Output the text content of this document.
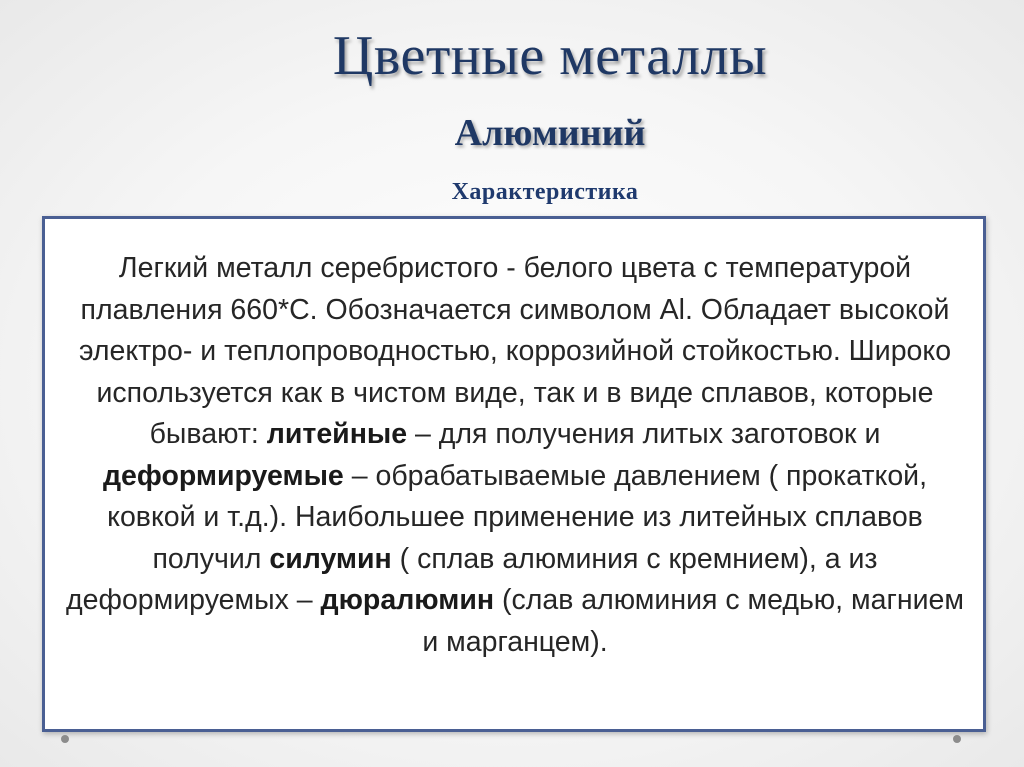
Цветные металлы
Алюминий
Характеристика
Легкий металл серебристого - белого цвета с температурой плавления 660*С. Обозначается символом Al. Обладает высокой электро- и теплопроводностью, коррозийной стойкостью. Широко используется как в чистом виде, так и в виде сплавов, которые бывают: литейные – для получения литых заготовок и деформируемые – обрабатываемые давлением ( прокаткой, ковкой и т.д.). Наибольшее применение из литейных сплавов получил силумин ( сплав алюминия с кремнием), а из деформируемых – дюралюмин (слав алюминия с медью, магнием и марганцем).
